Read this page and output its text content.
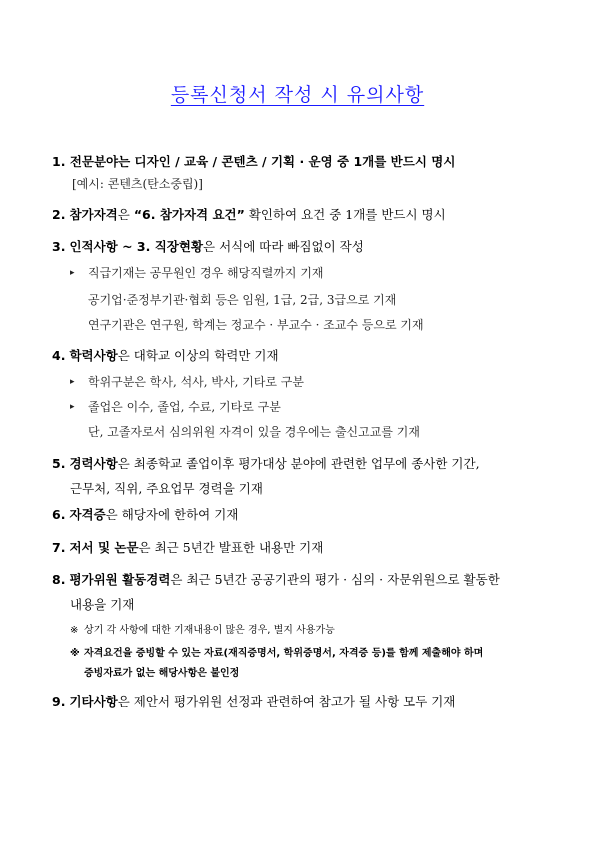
등록신청서 작성 시 유의사항
1. 전문분야는 디자인 / 교육 / 콘텐츠 / 기획 · 운영 중 1개를 반드시 명시
[예시: 콘텐츠(탄소중립)]
2. 참가자격은 “6. 참가자격 요건” 확인하여 요건 중 1개를 반드시 명시
3. 인적사항 ~ 3. 직장현황은 서식에 따라 빠짐없이 작성
▸ 직급기재는 공무원인 경우 해당직렬까지 기재
공기업·준정부기관·협회 등은 임원, 1급, 2급, 3급으로 기재
연구기관은 연구원, 학계는 정교수 · 부교수 · 조교수 등으로 기재
4. 학력사항은 대학교 이상의 학력만 기재
▸ 학위구분은 학사, 석사, 박사, 기타로 구분
▸ 졸업은 이수, 졸업, 수료, 기타로 구분
단, 고졸자로서 심의위원 자격이 있을 경우에는 출신고교를 기재
5. 경력사항은 최종학교 졸업이후 평가대상 분야에 관련한 업무에 종사한 기간,
근무처, 직위, 주요업무 경력을 기재
6. 자격증은 해당자에 한하여 기재
7. 저서 및 논문은 최근 5년간 발표한 내용만 기재
8. 평가위원 활동경력은 최근 5년간 공공기관의 평가 · 심의 · 자문위원으로 활동한
내용을 기재
※ 상기 각 사항에 대한 기재내용이 많은 경우, 별지 사용가능
※ 자격요건을 증빙할 수 있는 자료(재직증명서, 학위증명서, 자격증 등)를 함께 제출해야 하며
증빙자료가 없는 해당사항은 불인정
9. 기타사항은 제안서 평가위원 선정과 관련하여 참고가 될 사항 모두 기재
